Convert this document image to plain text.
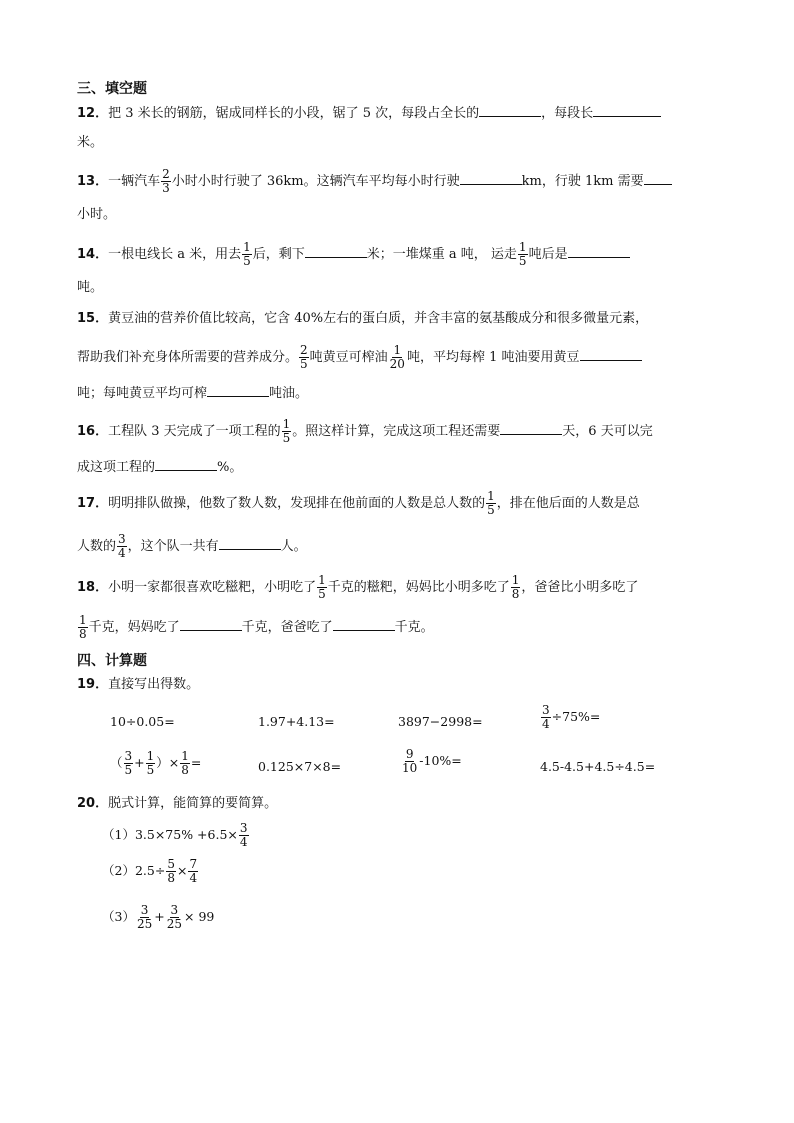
三、填空题
12．把 3 米长的钢筋，锯成同样长的小段，锯了 5 次，每段占全长的	，每段长
米。
13．一辆汽车 $\frac{2}{3}$ 小时小时行驶了 36km。这辆汽车平均每小时行驶	km，行驶 1km 需要
小时。
14．一根电线长 a 米，用去 $\frac{1}{5}$ 后，剩下	米；一堆煤重 a 吨， 运走 $\frac{1}{5}$ 吨后是
吨。
15．黄豆油的营养价值比较高，它含 40%左右的蛋白质，并含丰富的氨基酸成分和很多微量元素，
帮助我们补充身体所需要的营养成分。 $\frac{2}{5}$ 吨黄豆可榨油 $\frac{1}{20}$ 吨，平均每榨 1 吨油要用黄豆
吨；每吨黄豆平均可榨	吨油。
16．工程队 3 天完成了一项工程的 $\frac{1}{5}$ 。照这样计算，完成这项工程还需要	天，6 天可以完
成这项工程的	%。
17．明明排队做操，他数了数人数，发现排在他前面的人数是总人数的 $\frac{1}{5}$ ，排在他后面的人数是总
人数的 $\frac{3}{4}$ ，这个队一共有	人。
18．小明一家都很喜欢吃糍粑，小明吃了 $\frac{1}{5}$ 千克的糍粑，妈妈比小明多吃了 $\frac{1}{8}$ ，爸爸比小明多吃了
$\frac{1}{8}$ 千克，妈妈吃了	千克，爸爸吃了	千克。
四、计算题
19．直接写出得数。
10÷0.05=	1.97+4.13=	3897−2998=	$\frac{3}{4} \div 75\%=$
（ $\frac{3}{5} + \frac{1}{5}$ ）× $\frac{1}{8}$ =	0.125×7×8=	$\frac{9}{10} -10\%=$	4.5-4.5+4.5÷4.5=
20．脱式计算，能简算的要简算。
$(1)3.5\times 75\% +6.5\times \frac{3}{4}$
$(2)2.5\div \frac{5}{8} \times \frac{7}{4}$
$(3) \frac{3}{25} + \frac{3}{25} \times 99$
